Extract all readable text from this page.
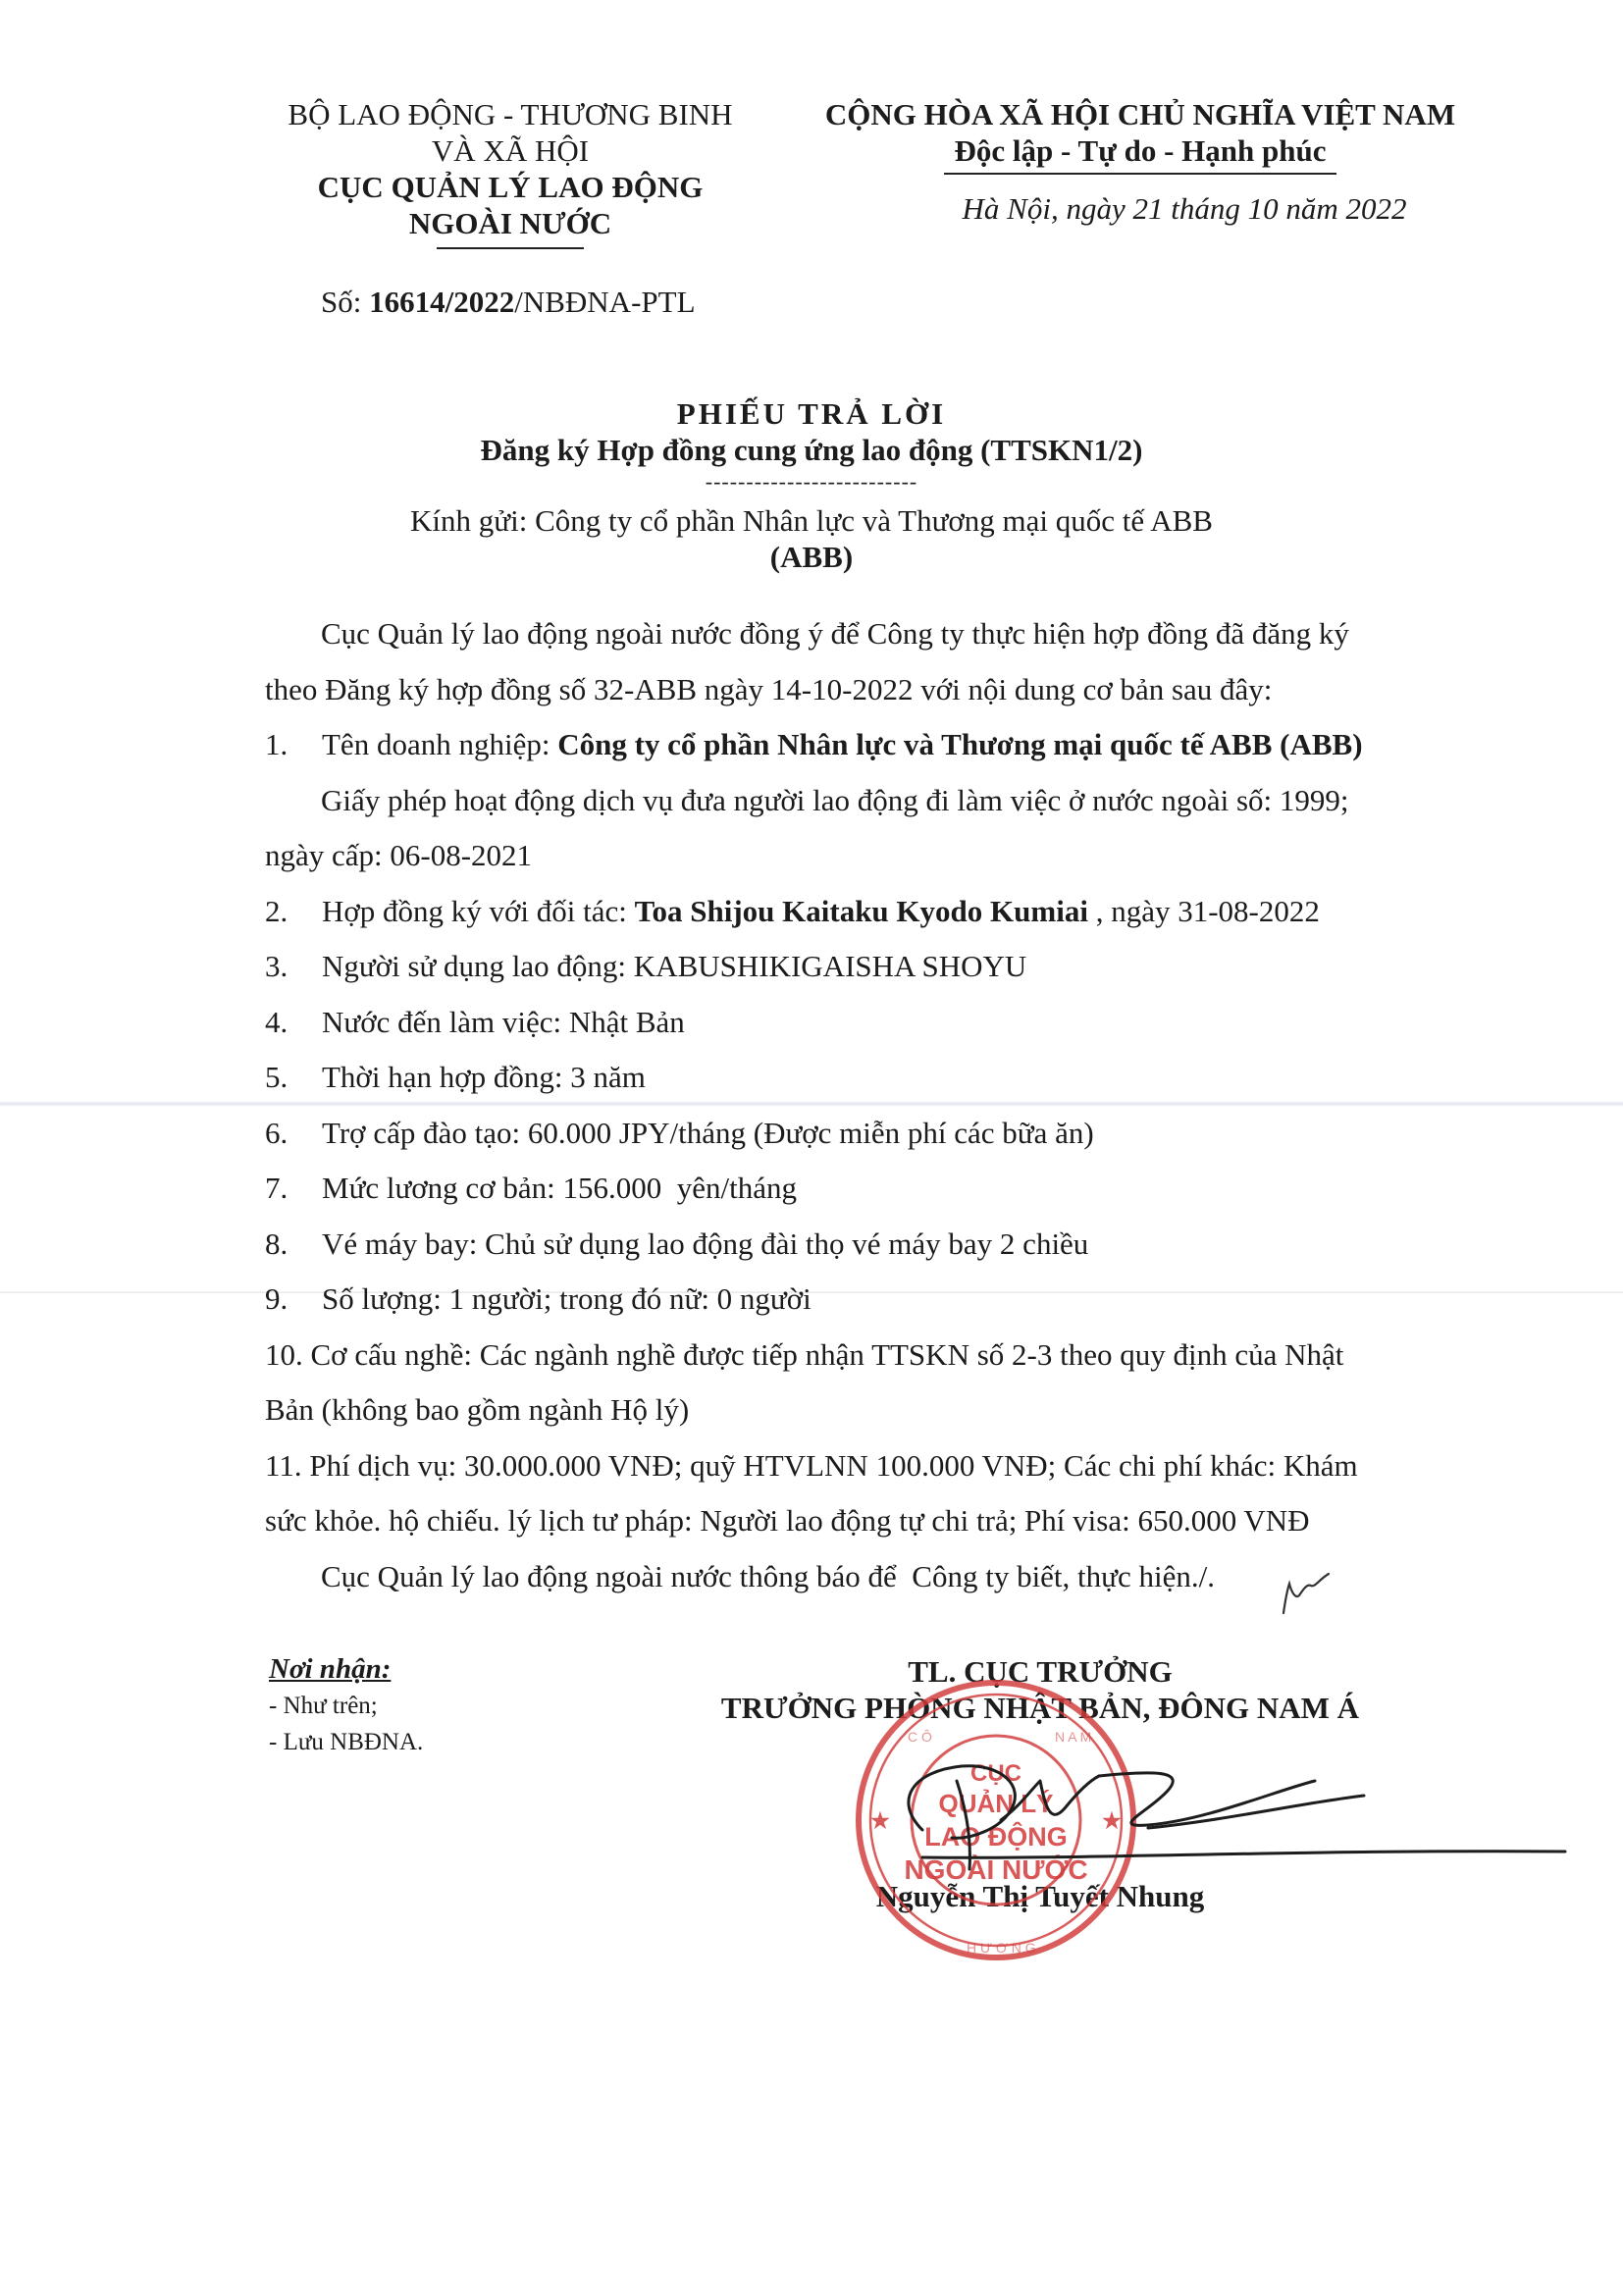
BỘ LAO ĐỘNG - THƯƠNG BINH
VÀ XÃ HỘI
CỤC QUẢN LÝ LAO ĐỘNG
NGOÀI NƯỚC
CỘNG HÒA XÃ HỘI CHỦ NGHĨA VIỆT NAM
Độc lập - Tự do - Hạnh phúc
Hà Nội, ngày 21 tháng 10 năm 2022
Số: 16614/2022/NBĐNA-PTL
PHIẾU TRẢ LỜI
Đăng ký Hợp đồng cung ứng lao động (TTSKN1/2)
--------------------------
Kính gửi: Công ty cổ phần Nhân lực và Thương mại quốc tế ABB
(ABB)
Cục Quản lý lao động ngoài nước đồng ý để Công ty thực hiện hợp đồng đã đăng ký
theo Đăng ký hợp đồng số 32-ABB ngày 14-10-2022 với nội dung cơ bản sau đây:
1. Tên doanh nghiệp: Công ty cổ phần Nhân lực và Thương mại quốc tế ABB (ABB)
Giấy phép hoạt động dịch vụ đưa người lao động đi làm việc ở nước ngoài số: 1999;
ngày cấp: 06-08-2021
2. Hợp đồng ký với đối tác: Toa Shijou Kaitaku Kyodo Kumiai , ngày 31-08-2022
3. Người sử dụng lao động: KABUSHIKIGAISHA SHOYU
4. Nước đến làm việc: Nhật Bản
5. Thời hạn hợp đồng: 3 năm
6. Trợ cấp đào tạo: 60.000 JPY/tháng (Được miễn phí các bữa ăn)
7. Mức lương cơ bản: 156.000  yên/tháng
8. Vé máy bay: Chủ sử dụng lao động đài thọ vé máy bay 2 chiều
9. Số lượng: 1 người; trong đó nữ: 0 người
10. Cơ cấu nghề: Các ngành nghề được tiếp nhận TTSKN số 2-3 theo quy định của Nhật
Bản (không bao gồm ngành Hộ lý)
11. Phí dịch vụ: 30.000.000 VNĐ; quỹ HTVLNN 100.000 VNĐ; Các chi phí khác: Khám
sức khỏe. hộ chiếu. lý lịch tư pháp: Người lao động tự chi trả; Phí visa: 650.000 VNĐ
Cục Quản lý lao động ngoài nước thông báo để  Công ty biết, thực hiện./.
Nơi nhận:
- Như trên;
- Lưu NBĐNA.
TL. CỤC TRƯỞNG
TRƯỞNG PHÒNG NHẬT BẢN, ĐÔNG NAM Á
Nguyễn Thị Tuyết Nhung
CỤC
QUẢN LÝ
LAO ĐỘNG
NGOÀI NƯỚC
★	★
C Ô	N A M
H Ư Ơ N G
